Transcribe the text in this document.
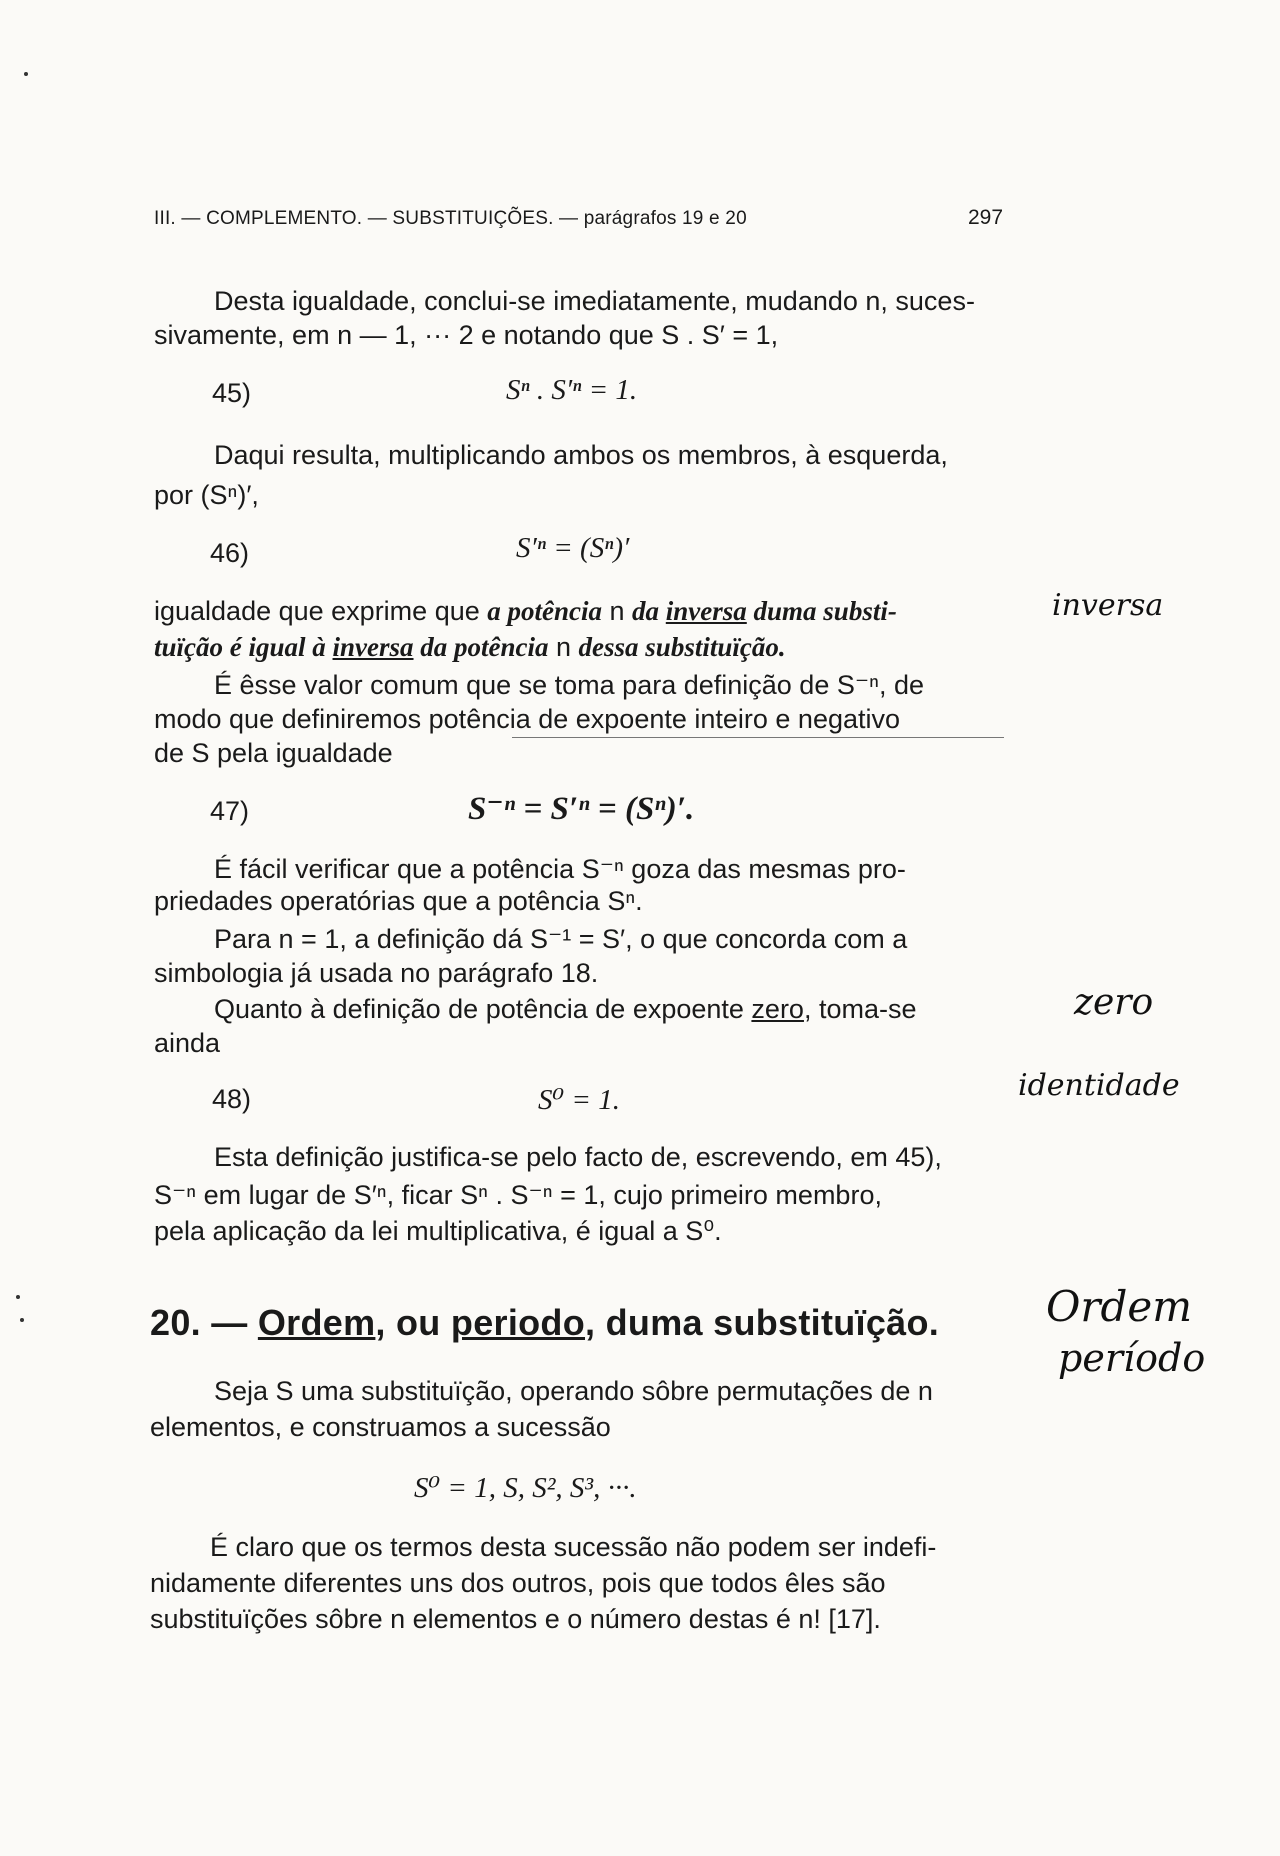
III. — COMPLEMENTO. — SUBSTITUIÇÕES. — parágrafos 19 e 20	297
Desta igualdade, conclui-se imediatamente, mudando n, suces-
sivamente, em n — 1, ··· 2 e notando que S . S′ = 1,
45)	Sⁿ . S′ⁿ = 1.
Daqui resulta, multiplicando ambos os membros, à esquerda,
por (Sⁿ)′,
46)	S′ⁿ = (Sⁿ)′
igualdade que exprime que a potência n da inversa duma substi-
tuïção é igual à inversa da potência n dessa substituïção.
É êsse valor comum que se toma para definição de S⁻ⁿ, de
modo que definiremos potência de expoente inteiro e negativo
de S pela igualdade
47)	S⁻ⁿ = S′ⁿ = (Sⁿ)′.
É fácil verificar que a potência S⁻ⁿ goza das mesmas pro-
priedades operatórias que a potência Sⁿ.
Para n = 1, a definição dá S⁻¹ = S′, o que concorda com a
simbologia já usada no parágrafo 18.
Quanto à definição de potência de expoente zero, toma-se
ainda
48)	S⁰ = 1.
Esta definição justifica-se pelo facto de, escrevendo, em 45),
S⁻ⁿ em lugar de S′ⁿ, ficar Sⁿ . S⁻ⁿ = 1, cujo primeiro membro,
pela aplicação da lei multiplicativa, é igual a S⁰.
20. — Ordem, ou periodo, duma substituïção.
Seja S uma substituïção, operando sôbre permutações de n
elementos, e construamos a sucessão
S⁰ = 1, S, S², S³, ···.
É claro que os termos desta sucessão não podem ser indefi-
nidamente diferentes uns dos outros, pois que todos êles são
substituïções sôbre n elementos e o número destas é n! [17].
inversa
zero
identidade
Ordem
período
